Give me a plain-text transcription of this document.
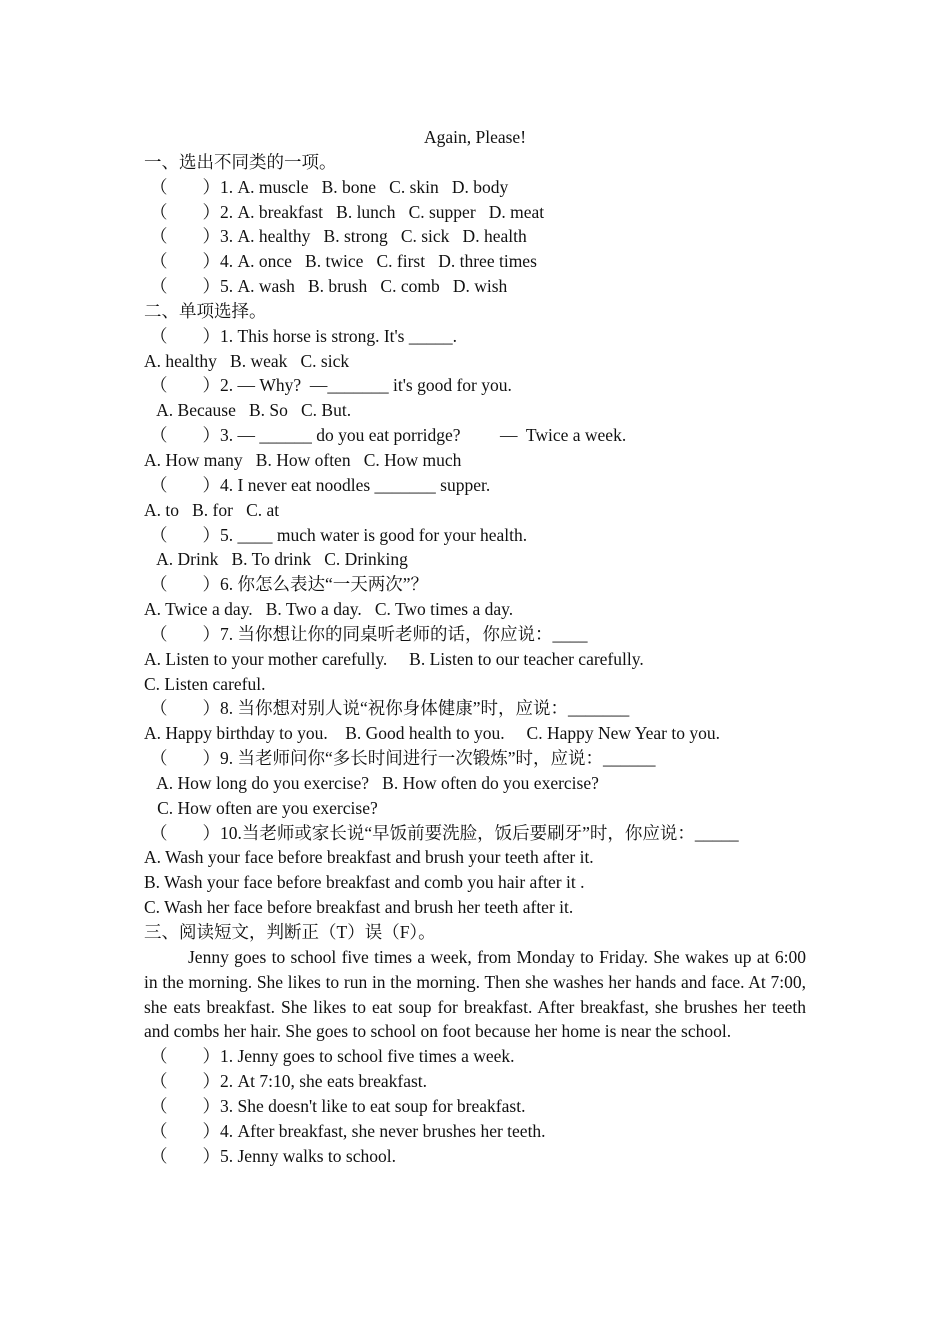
Again, Please!

一、选出不同类的一项。

（　　）1. A. muscle   B. bone   C. skin   D. body

（　　）2. A. breakfast   B. lunch   C. supper   D. meat

（　　）3. A. healthy   B. strong   C. sick   D. health

（　　）4. A. once   B. twice   C. first   D. three times

（　　）5. A. wash   B. brush   C. comb   D. wish

二、单项选择。

（　　）1. This horse is strong. It's _____.

A. healthy   B. weak   C. sick

（　　）2. — Why?  —_______ it's good for you.

A. Because   B. So   C. But.

（　　）3. — ______ do you eat porridge?         —  Twice a week.

A. How many   B. How often   C. How much

（　　）4. I never eat noodles _______ supper.

A. to   B. for   C. at

（　　）5. ____ much water is good for your health.

A. Drink   B. To drink   C. Drinking

（　　）6. 你怎么表达“一天两次”？

A. Twice a day.   B. Two a day.   C. Two times a day.

（　　）7. 当你想让你的同桌听老师的话，你应说：____

A. Listen to your mother carefully.     B. Listen to our teacher carefully.

C. Listen careful.

（　　）8. 当你想对别人说“祝你身体健康”时，应说：_______

A. Happy birthday to you.    B. Good health to you.     C. Happy New Year to you.

（　　）9. 当老师问你“多长时间进行一次锻炼”时，应说：______

A. How long do you exercise?   B. How often do you exercise?

C. How often are you exercise?

（　　）10.当老师或家长说“早饭前要洗脸，饭后要刷牙”时，你应说：_____

A. Wash your face before breakfast and brush your teeth after it.

B. Wash your face before breakfast and comb you hair after it .

C. Wash her face before breakfast and brush her teeth after it.

三、阅读短文，判断正（T）误（F）。

Jenny goes to school five times a week, from Monday to Friday. She wakes up at 6:00 in the morning. She likes to run in the morning. Then she washes her hands and face. At 7:00, she eats breakfast. She likes to eat soup for breakfast. After breakfast, she brushes her teeth and combs her hair. She goes to school on foot because her home is near the school.

（　　）1. Jenny goes to school five times a week.

（　　）2. At 7:10, she eats breakfast.

（　　）3. She doesn't like to eat soup for breakfast.

（　　）4. After breakfast, she never brushes her teeth.

（　　）5. Jenny walks to school.
